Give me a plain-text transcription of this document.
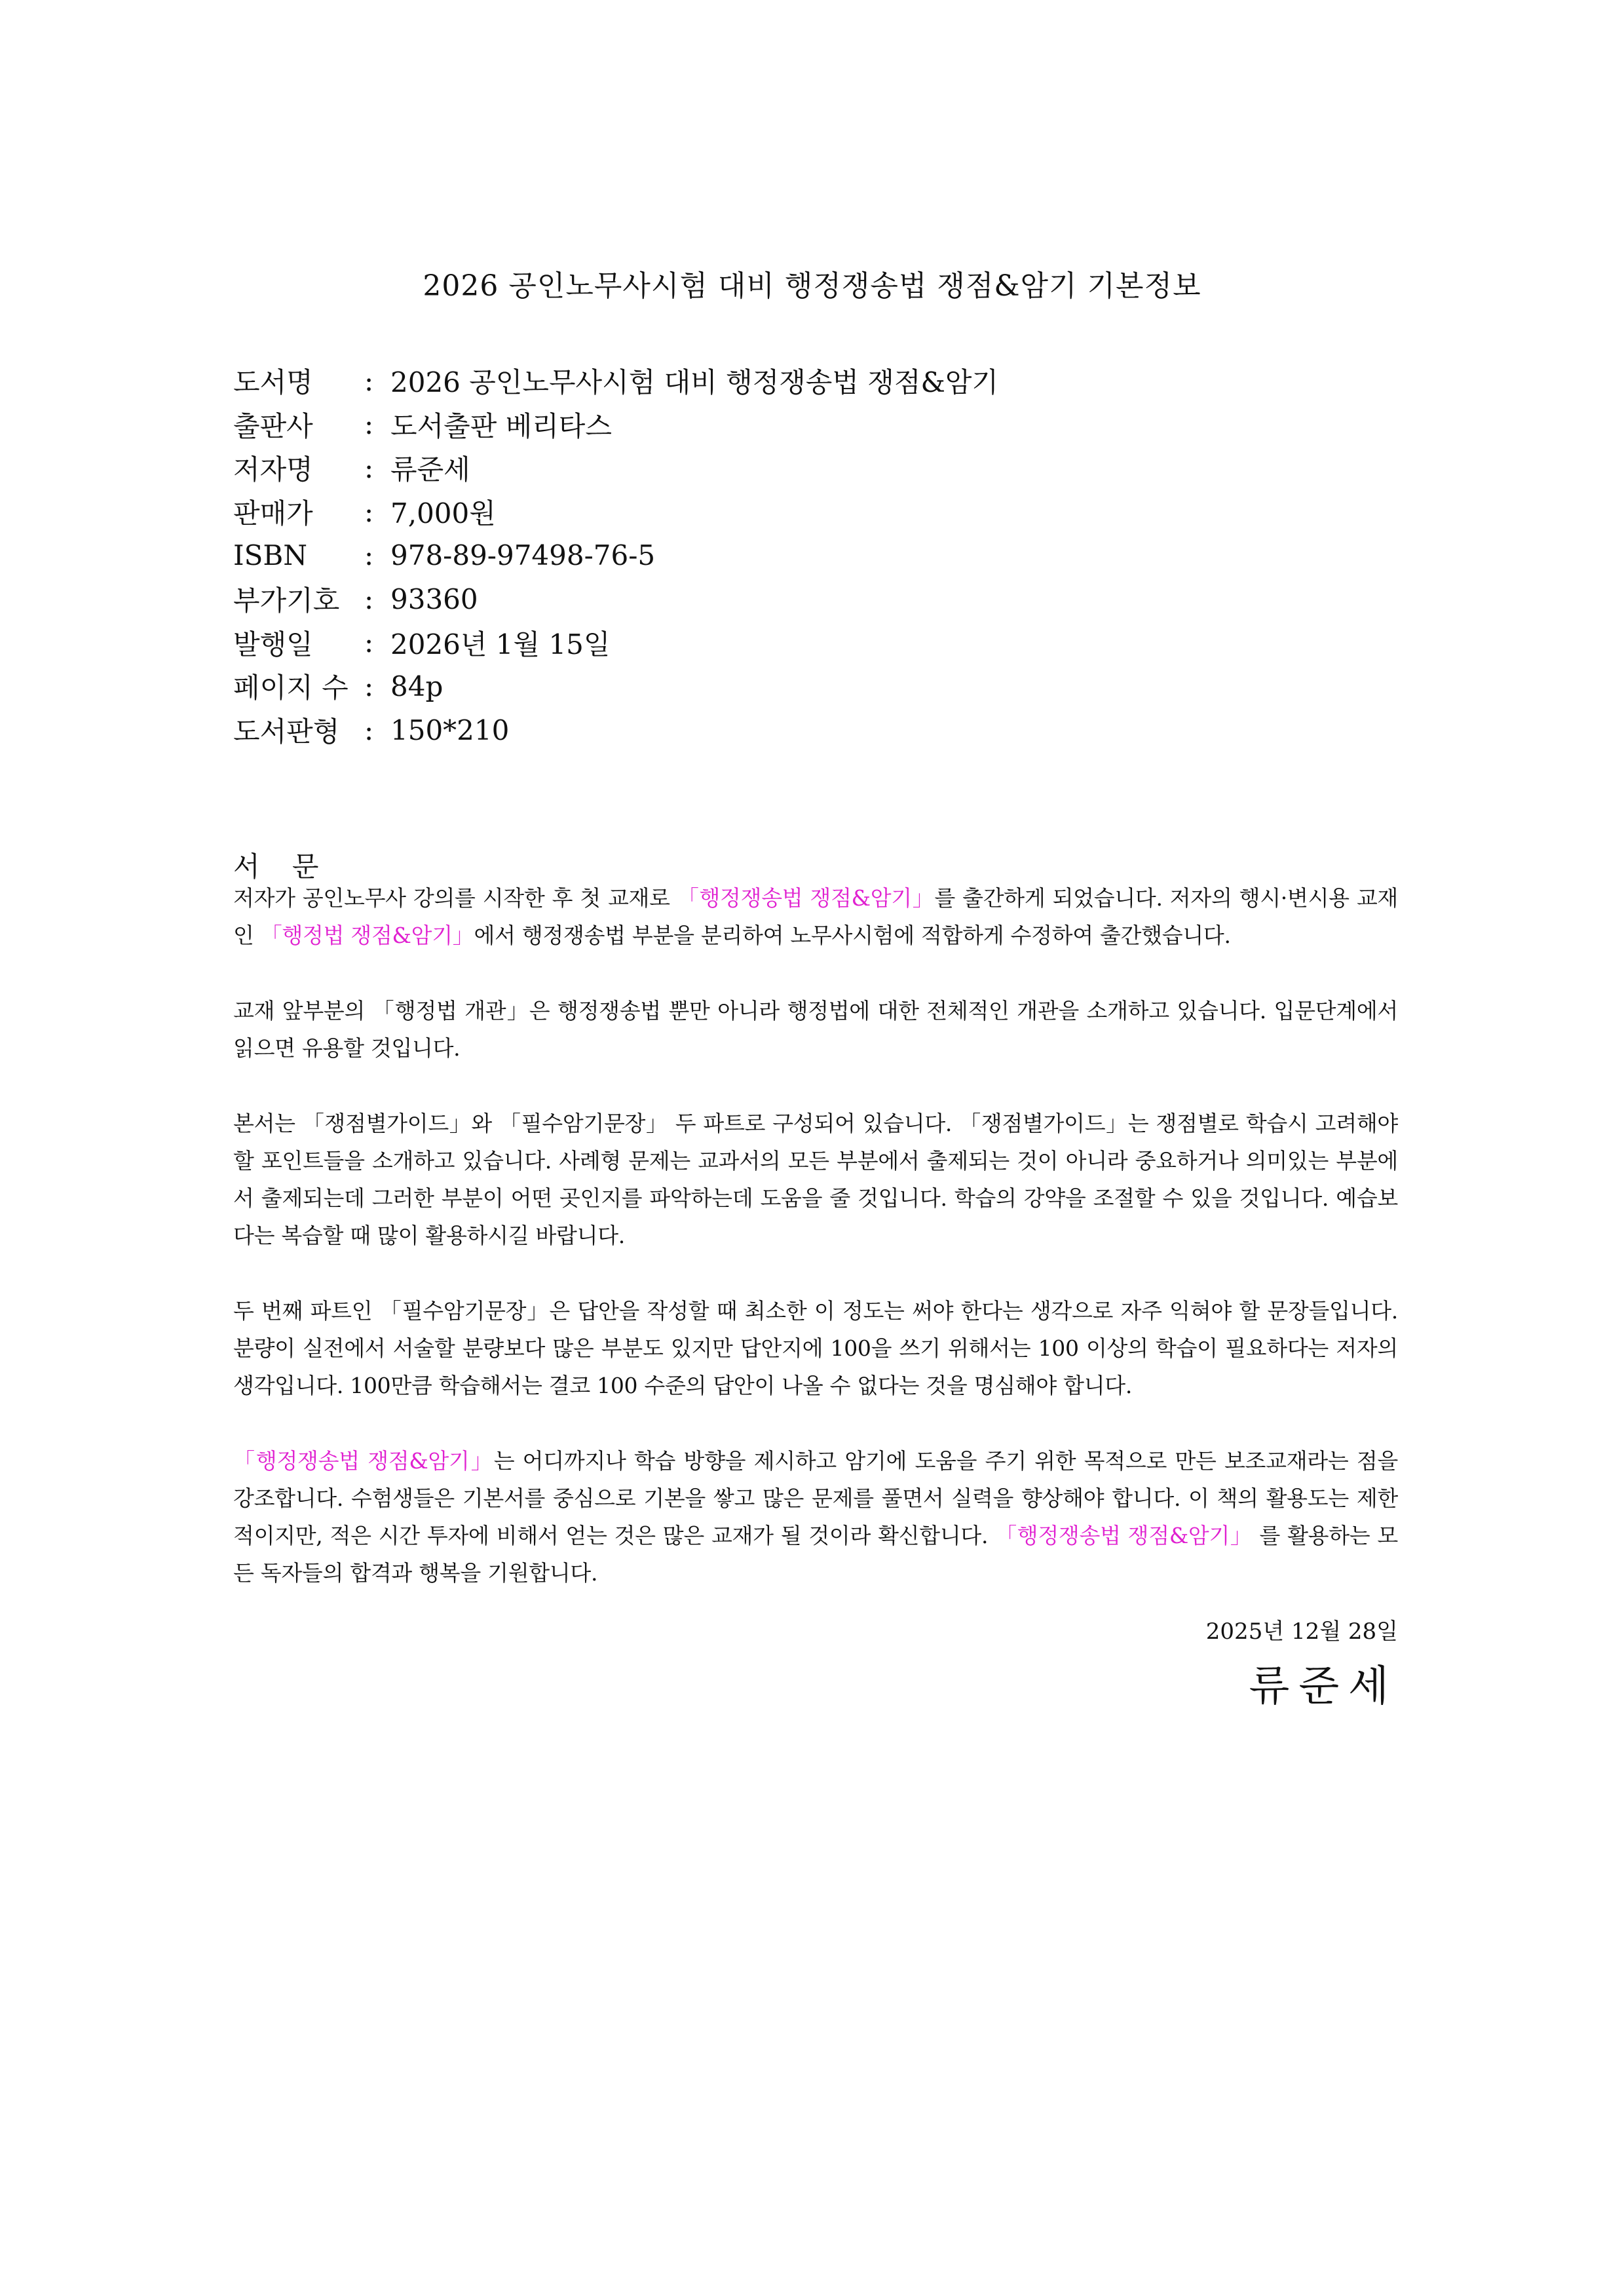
2026 공인노무사시험 대비 행정쟁송법 쟁점&암기 기본정보
도서명	: 2026 공인노무사시험 대비 행정쟁송법 쟁점&암기
출판사	: 도서출판 베리타스
저자명	: 류준세
판매가	: 7,000원
ISBN	: 978-89-97498-76-5
부가기호 : 93360
발행일	: 2026년 1월 15일
페이지 수 : 84p
도서판형 : 150*210
서 문

저자가 공인노무사 강의를 시작한 후 첫 교재로 「행정쟁송법 쟁점&암기」를 출간하게 되었습니다. 저자의 행시·변시용 교재인 「행정법 쟁점&암기」에서 행정쟁송법 부분을 분리하여 노무사시험에 적합하게 수정하여 출간했습니다.

교재 앞부분의 「행정법 개관」은 행정쟁송법 뿐만 아니라 행정법에 대한 전체적인 개관을 소개하고 있습니다. 입문단계에서 읽으면 유용할 것입니다.

본서는 「쟁점별가이드」와 「필수암기문장」 두 파트로 구성되어 있습니다. 「쟁점별가이드」는 쟁점별로 학습시 고려해야 할 포인트들을 소개하고 있습니다. 사례형 문제는 교과서의 모든 부분에서 출제되는 것이 아니라 중요하거나 의미있는 부분에서 출제되는데 그러한 부분이 어떤 곳인지를 파악하는데 도움을 줄 것입니다. 학습의 강약을 조절할 수 있을 것입니다. 예습보다는 복습할 때 많이 활용하시길 바랍니다.

두 번째 파트인 「필수암기문장」은 답안을 작성할 때 최소한 이 정도는 써야 한다는 생각으로 자주 익혀야 할 문장들입니다. 분량이 실전에서 서술할 분량보다 많은 부분도 있지만 답안지에 100을 쓰기 위해서는 100 이상의 학습이 필요하다는 저자의 생각입니다. 100만큼 학습해서는 결코 100 수준의 답안이 나올 수 없다는 것을 명심해야 합니다.

「행정쟁송법 쟁점&암기」는 어디까지나 학습 방향을 제시하고 암기에 도움을 주기 위한 목적으로 만든 보조교재라는 점을 강조합니다. 수험생들은 기본서를 중심으로 기본을 쌓고 많은 문제를 풀면서 실력을 향상해야 합니다. 이 책의 활용도는 제한적이지만, 적은 시간 투자에 비해서 얻는 것은 많은 교재가 될 것이라 확신합니다. 「행정쟁송법 쟁점&암기」 를 활용하는 모든 독자들의 합격과 행복을 기원합니다.

2025년 12월 28일
류준세
